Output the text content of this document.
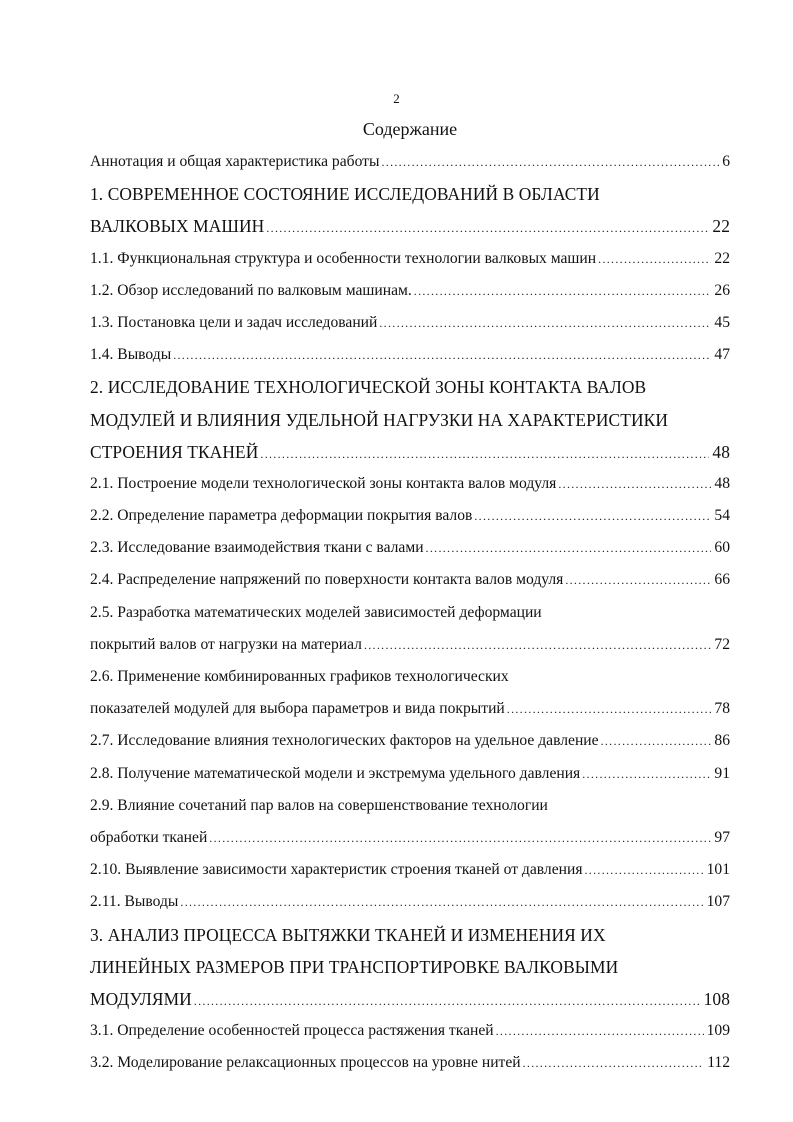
2
Содержание
Аннотация и общая характеристика работы .....	6
1. СОВРЕМЕННОЕ СОСТОЯНИЕ ИССЛЕДОВАНИЙ В ОБЛАСТИ
ВАЛКОВЫХ МАШИН .....	22
1.1. Функциональная структура и особенности технологии валковых машин .....	22
1.2. Обзор исследований по валковым машинам. .....	26
1.3. Постановка цели и задач исследований .....	45
1.4. Выводы .....	47
2. ИССЛЕДОВАНИЕ ТЕХНОЛОГИЧЕСКОЙ ЗОНЫ КОНТАКТА ВАЛОВ
МОДУЛЕЙ И ВЛИЯНИЯ УДЕЛЬНОЙ НАГРУЗКИ НА ХАРАКТЕРИСТИКИ
СТРОЕНИЯ ТКАНЕЙ .....	48
2.1. Построение модели технологической зоны контакта валов модуля .....	48
2.2. Определение параметра деформации покрытия валов .....	54
2.3. Исследование взаимодействия ткани с валами .....	60
2.4. Распределение напряжений по поверхности контакта валов модуля .....	66
2.5. Разработка математических моделей зависимостей деформации
покрытий валов от нагрузки на материал .....	72
2.6. Применение комбинированных графиков технологических
показателей модулей для выбора параметров и вида покрытий .....	78
2.7. Исследование влияния технологических факторов на удельное давление .....	86
2.8. Получение математической модели и экстремума удельного давления .....	91
2.9. Влияние сочетаний пар валов на совершенствование технологии
обработки тканей .....	97
2.10. Выявление зависимости характеристик строения тканей от давления .....	101
2.11. Выводы .....	107
3. АНАЛИЗ ПРОЦЕССА ВЫТЯЖКИ ТКАНЕЙ И ИЗМЕНЕНИЯ ИХ
ЛИНЕЙНЫХ РАЗМЕРОВ ПРИ ТРАНСПОРТИРОВКЕ ВАЛКОВЫМИ
МОДУЛЯМИ .....	108
3.1. Определение особенностей процесса растяжения тканей .....	109
3.2. Моделирование релаксационных процессов на уровне нитей .....	112
